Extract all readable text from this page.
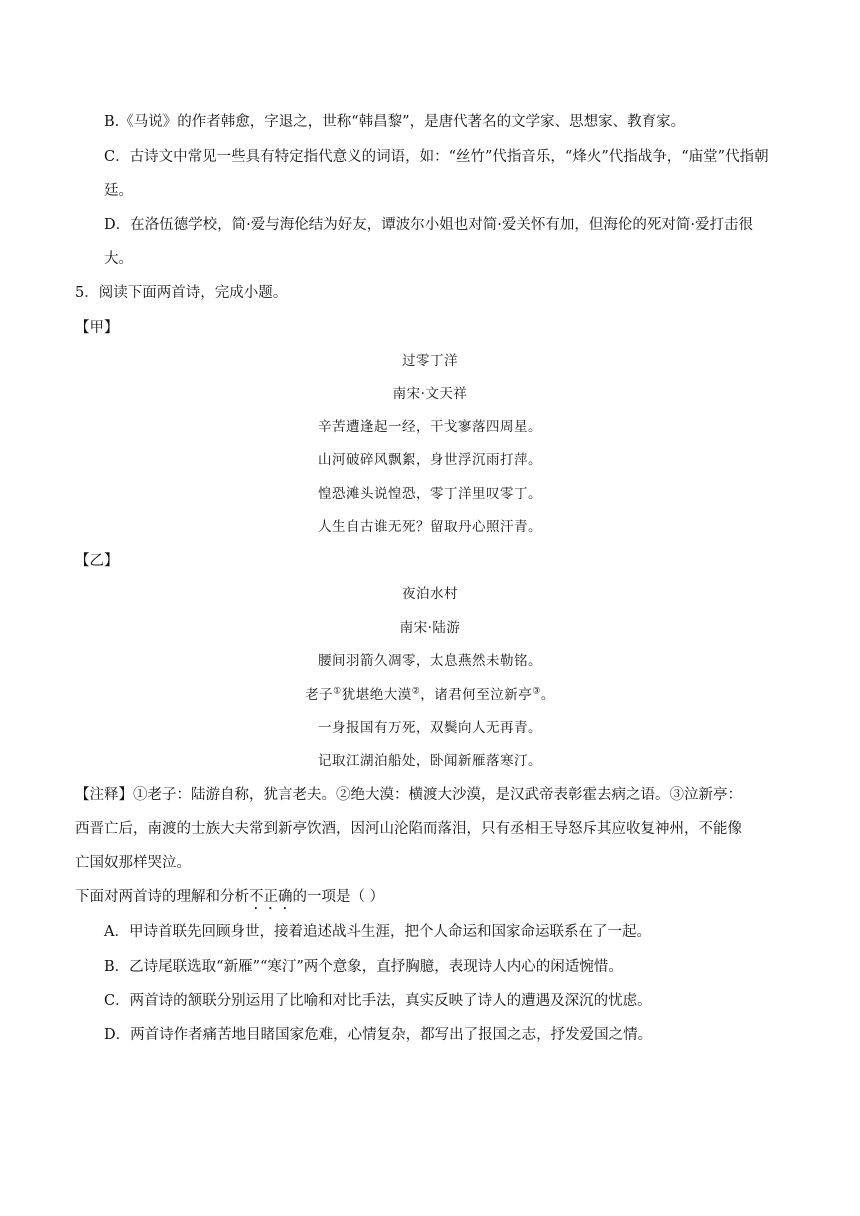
B.《马说》的作者韩愈，字退之，世称“韩昌黎”，是唐代著名的文学家、思想家、教育家。
C．古诗文中常见一些具有特定指代意义的词语，如：“丝竹”代指音乐，“烽火”代指战争，“庙堂”代指朝
廷。
D．在洛伍德学校，简·爱与海伦结为好友，谭波尔小姐也对简·爱关怀有加，但海伦的死对简·爱打击很
大。
5．阅读下面两首诗，完成小题。
【甲】
过零丁洋
南宋·文天祥
辛苦遭逢起一经，干戈寥落四周星。
山河破碎风飘絮，身世浮沉雨打萍。
惶恐滩头说惶恐，零丁洋里叹零丁。
人生自古谁无死？留取丹心照汗青。
【乙】
夜泊水村
南宋·陆游
腰间羽箭久凋零，太息燕然未勒铭。
老子①犹堪绝大漠②，诸君何至泣新亭③。
一身报国有万死，双鬓向人无再青。
记取江湖泊船处，卧闻新雁落寒汀。
【注释】①老子：陆游自称，犹言老夫。②绝大漠：横渡大沙漠，是汉武帝表彰霍去病之语。③泣新亭：
西晋亡后，南渡的士族大夫常到新亭饮酒，因河山沦陷而落泪，只有丞相王导怒斥其应收复神州，不能像
亡国奴那样哭泣。
下面对两首诗的理解和分析不正确的一项是（ ）
A．甲诗首联先回顾身世，接着追述战斗生涯，把个人命运和国家命运联系在了一起。
B．乙诗尾联选取“新雁”“寒汀”两个意象，直抒胸臆，表现诗人内心的闲适惋惜。
C．两首诗的颔联分别运用了比喻和对比手法，真实反映了诗人的遭遇及深沉的忧虑。
D．两首诗作者痛苦地目睹国家危难，心情复杂，都写出了报国之志，抒发爱国之情。
